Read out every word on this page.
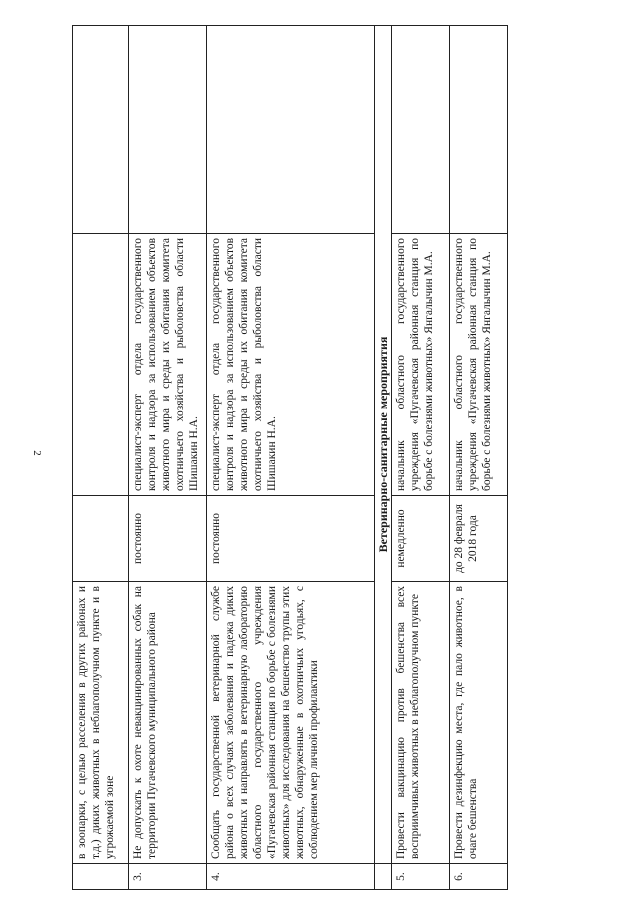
2
	в зоопарки, с целью расселения в других районах и т.д.) диких животных в неблагополучном пункте и в угрожаемой зоне			
3.	Не допускать к охоте невакцинированных собак на территории Пугачевского муниципального района	постоянно	специалист-эксперт отдела государственного контроля и надзора за использованием объектов животного мира и среды их обитания комитета охотничьего хозяйства и рыболовства области Шишакин Н.А.	
4.	Сообщать государственной ветеринарной службе района о всех случаях заболевания и падежа диких животных и направлять в ветеринарную лабораторию областного государственного учреждения «Пугачевская районная станция по борьбе с болезнями животных» для исследования на бешенство трупы этих животных, обнаруженные в охотничьих угодьях, с соблюдением мер личной профилактики	постоянно	специалист-эксперт отдела государственного контроля и надзора за использованием объектов животного мира и среды их обитания комитета охотничьего хозяйства и рыболовства области Шишакин Н.А.	
	Ветеринарно-санитарные мероприятия			
5.	Провести вакцинацию против бешенства всех восприимчивых животных в неблагополучном пункте	немедленно	начальник областного государственного учреждения «Пугачевская районная станция по борьбе с болезнями животных» Янгалычин М.А.	
6.	Провести дезинфекцию места, где пало животное, в очаге бешенства	до 28 февраля 2018 года	начальник областного государственного учреждения «Пугачевская районная станция по борьбе с болезнями животных» Янгалычин М.А.	
